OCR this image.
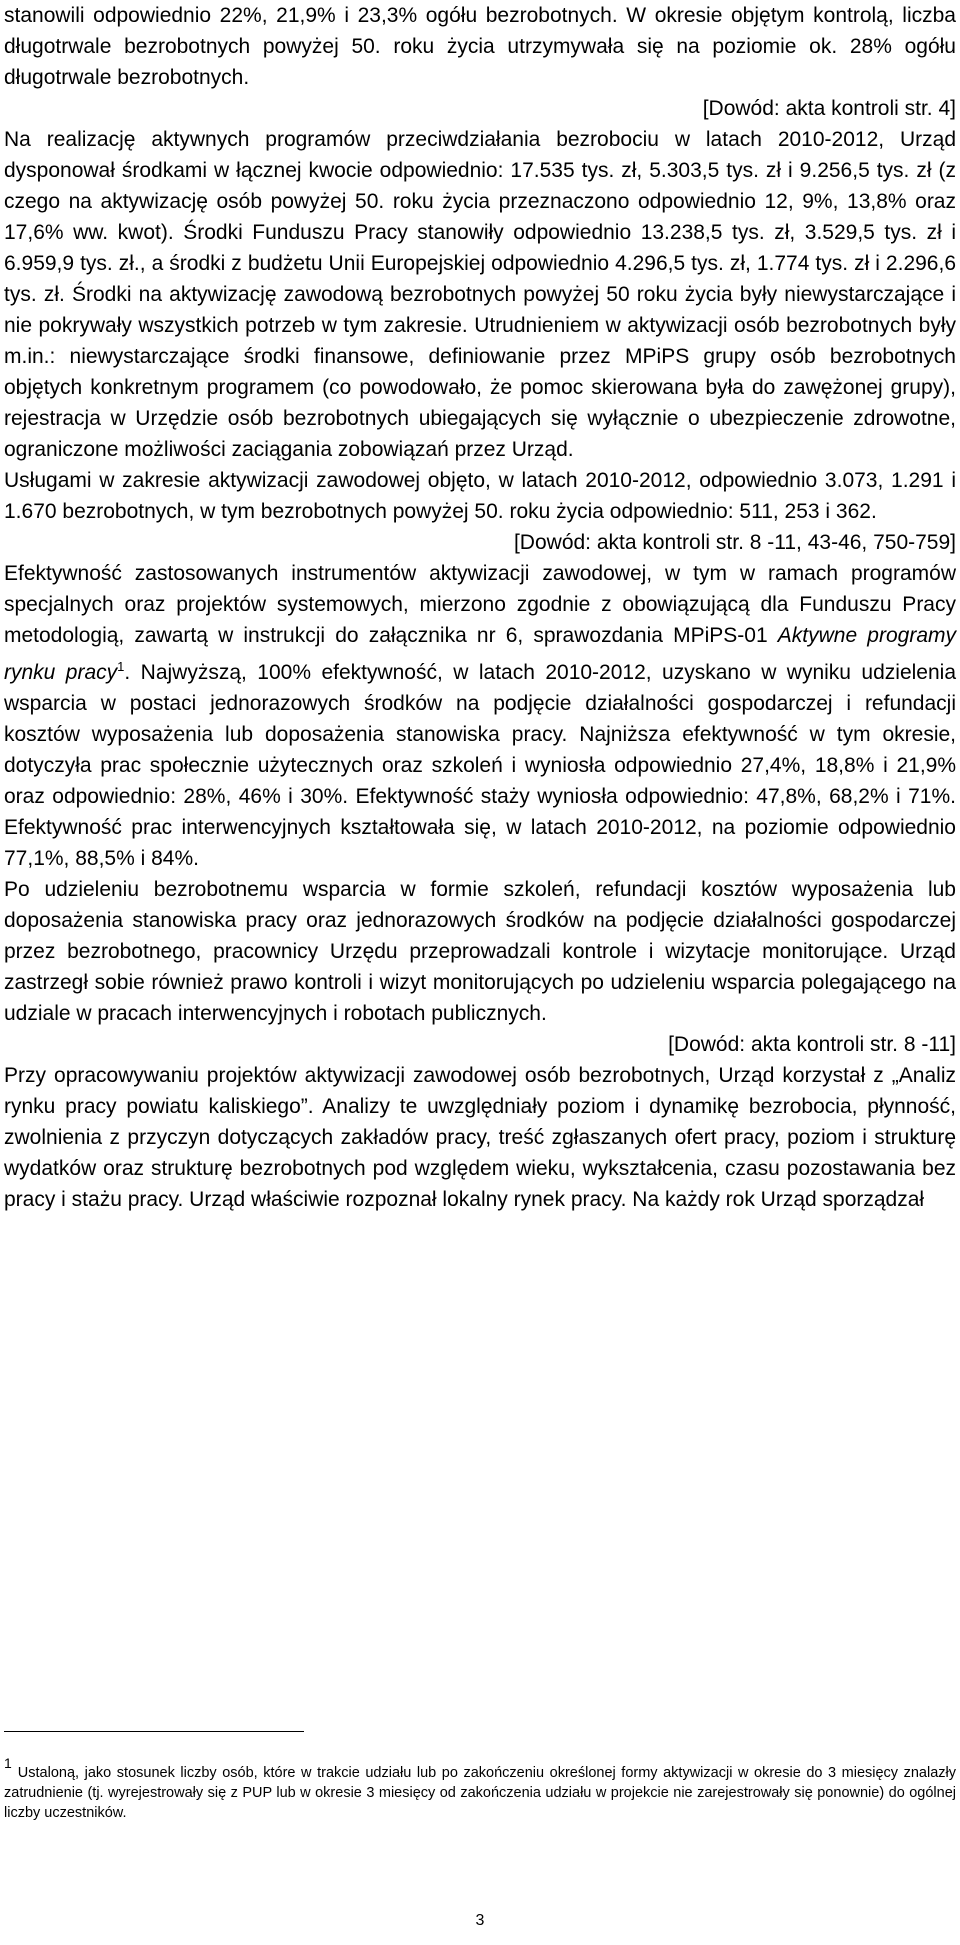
stanowili odpowiednio 22%, 21,9% i 23,3% ogółu bezrobotnych. W okresie objętym kontrolą, liczba długotrwale bezrobotnych powyżej 50. roku życia utrzymywała się na poziomie ok. 28% ogółu długotrwale bezrobotnych.

[Dowód: akta kontroli str. 4]

Na realizację aktywnych programów przeciwdziałania bezrobociu w latach 2010-2012, Urząd dysponował środkami w łącznej kwocie odpowiednio: 17.535 tys. zł, 5.303,5 tys. zł i 9.256,5 tys. zł (z czego na aktywizację osób powyżej 50. roku życia przeznaczono odpowiednio 12, 9%, 13,8% oraz 17,6% ww. kwot). Środki Funduszu Pracy stanowiły odpowiednio 13.238,5 tys. zł, 3.529,5 tys. zł i 6.959,9 tys. zł., a środki z budżetu Unii Europejskiej odpowiednio 4.296,5 tys. zł, 1.774 tys. zł i 2.296,6 tys. zł. Środki na aktywizację zawodową bezrobotnych powyżej 50 roku życia były niewystarczające i nie pokrywały wszystkich potrzeb w tym zakresie. Utrudnieniem w aktywizacji osób bezrobotnych były m.in.: niewystarczające środki finansowe, definiowanie przez MPiPS grupy osób bezrobotnych objętych konkretnym programem (co powodowało, że pomoc skierowana była do zawężonej grupy), rejestracja w Urzędzie osób bezrobotnych ubiegających się wyłącznie o ubezpieczenie zdrowotne, ograniczone możliwości zaciągania zobowiązań przez Urząd.

Usługami w zakresie aktywizacji zawodowej objęto, w latach 2010-2012, odpowiednio 3.073, 1.291 i 1.670 bezrobotnych, w tym bezrobotnych powyżej 50. roku życia odpowiednio: 511, 253 i 362.

[Dowód: akta kontroli str. 8 -11, 43-46, 750-759]

Efektywność zastosowanych instrumentów aktywizacji zawodowej, w tym w ramach programów specjalnych oraz projektów systemowych, mierzono zgodnie z obowiązującą dla Funduszu Pracy metodologią, zawartą w instrukcji do załącznika nr 6, sprawozdania MPiPS-01 Aktywne programy rynku pracy$^1$. Najwyższą, 100% efektywność, w latach 2010-2012, uzyskano w wyniku udzielenia wsparcia w postaci jednorazowych środków na podjęcie działalności gospodarczej i refundacji kosztów wyposażenia lub doposażenia stanowiska pracy. Najniższa efektywność w tym okresie, dotyczyła prac społecznie użytecznych oraz szkoleń i wyniosła odpowiednio 27,4%, 18,8% i 21,9% oraz odpowiednio: 28%, 46% i 30%. Efektywność staży wyniosła odpowiednio: 47,8%, 68,2% i 71%. Efektywność prac interwencyjnych kształtowała się, w latach 2010-2012, na poziomie odpowiednio 77,1%, 88,5% i 84%.

Po udzieleniu bezrobotnemu wsparcia w formie szkoleń, refundacji kosztów wyposażenia lub doposażenia stanowiska pracy oraz jednorazowych środków na podjęcie działalności gospodarczej przez bezrobotnego, pracownicy Urzędu przeprowadzali kontrole i wizytacje monitorujące. Urząd zastrzegł sobie również prawo kontroli i wizyt monitorujących po udzieleniu wsparcia polegającego na udziale w pracach interwencyjnych i robotach publicznych.

[Dowód: akta kontroli str. 8 -11]

Przy opracowywaniu projektów aktywizacji zawodowej osób bezrobotnych, Urząd korzystał z „Analiz rynku pracy powiatu kaliskiego”. Analizy te uwzględniały poziom i dynamikę bezrobocia, płynność, zwolnienia z przyczyn dotyczących zakładów pracy, treść zgłaszanych ofert pracy, poziom i strukturę wydatków oraz strukturę bezrobotnych pod względem wieku, wykształcenia, czasu pozostawania bez pracy i stażu pracy. Urząd właściwie rozpoznał lokalny rynek pracy. Na każdy rok Urząd sporządzał

$^1$Ustaloną, jako stosunek liczby osób, które w trakcie udziału lub po zakończeniu określonej formy aktywizacji w okresie do 3 miesięcy znalazły zatrudnienie (tj. wyrejestrowały się z PUP lub w okresie 3 miesięcy od zakończenia udziału w projekcie nie zarejestrowały się ponownie) do ogólnej liczby uczestników.
3
